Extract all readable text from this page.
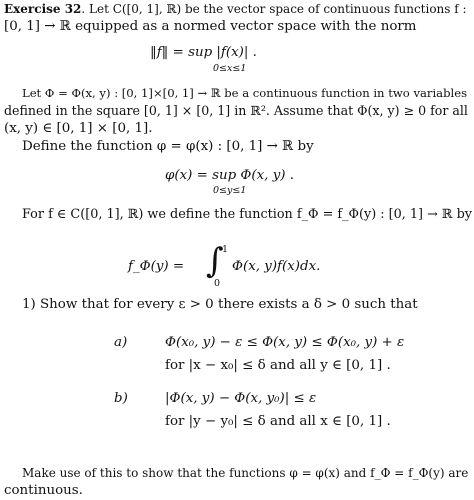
Exercise 32. Let C([0, 1], ℝ) be the vector space of continuous functions f :
[0, 1] → ℝ equipped as a normed vector space with the norm
‖f‖ = sup |f(x)| .
0≤x≤1
Let Φ = Φ(x, y) : [0, 1]×[0, 1] → ℝ be a continuous function in two variables
defined in the square [0, 1] × [0, 1] in ℝ². Assume that Φ(x, y) ≥ 0 for all
(x, y) ∈ [0, 1] × [0, 1].
Define the function φ = φ(x) : [0, 1] → ℝ by
φ(x) = sup Φ(x, y) .
0≤y≤1
For f ∈ C([0, 1], ℝ) we define the function f_Φ = f_Φ(y) : [0, 1] → ℝ by
f_Φ(y) = ∫
1
0
Φ(x, y)f(x)dx.
1) Show that for every ε > 0 there exists a δ > 0 such that
a)	Φ(x₀, y) − ε ≤ Φ(x, y) ≤ Φ(x₀, y) + ε
for |x − x₀| ≤ δ and all y ∈ [0, 1] .
b)	|Φ(x, y) − Φ(x, y₀)| ≤ ε
for |y − y₀| ≤ δ and all x ∈ [0, 1] .
Make use of this to show that the functions φ = φ(x) and f_Φ = f_Φ(y) are
continuous.
